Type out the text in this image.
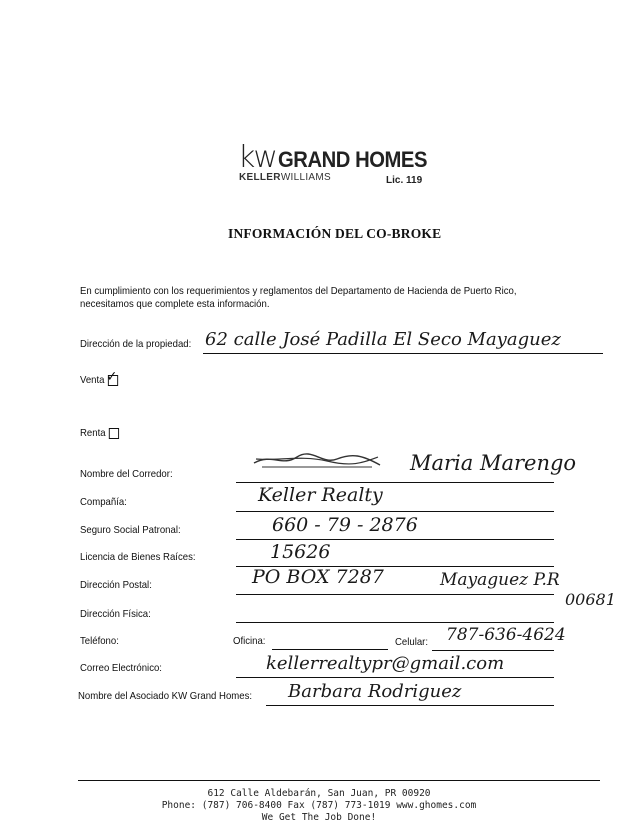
kw GRAND HOMES
KELLERWILLIAMS	Lic. 119
INFORMACIÓN DEL CO-BROKE
En cumplimiento con los requerimientos y reglamentos del Departamento de Hacienda de Puerto Rico, necesitamos que complete esta información.
Dirección de la propiedad: 62 calle José Padilla El Seco Mayaguez
Venta ✓
Renta
Nombre del Corredor:	Maria Marengo
Compañía:	Keller Realty
Seguro Social Patronal:	660 - 79 - 2876
Licencia de Bienes Raíces:	15626
Dirección Postal:	PO BOX 7287	Mayaguez P.R
00681
Dirección Física:
Teléfono:	Oficina:	Celular: 787-636-4624
Correo Electrónico:	kellerrealtypr@gmail.com
Nombre del Asociado KW Grand Homes: Barbara Rodriguez
612 Calle Aldebarán, San Juan, PR 00920
Phone: (787) 706-8400 Fax (787) 773-1019 www.ghomes.com
We Get The Job Done!
